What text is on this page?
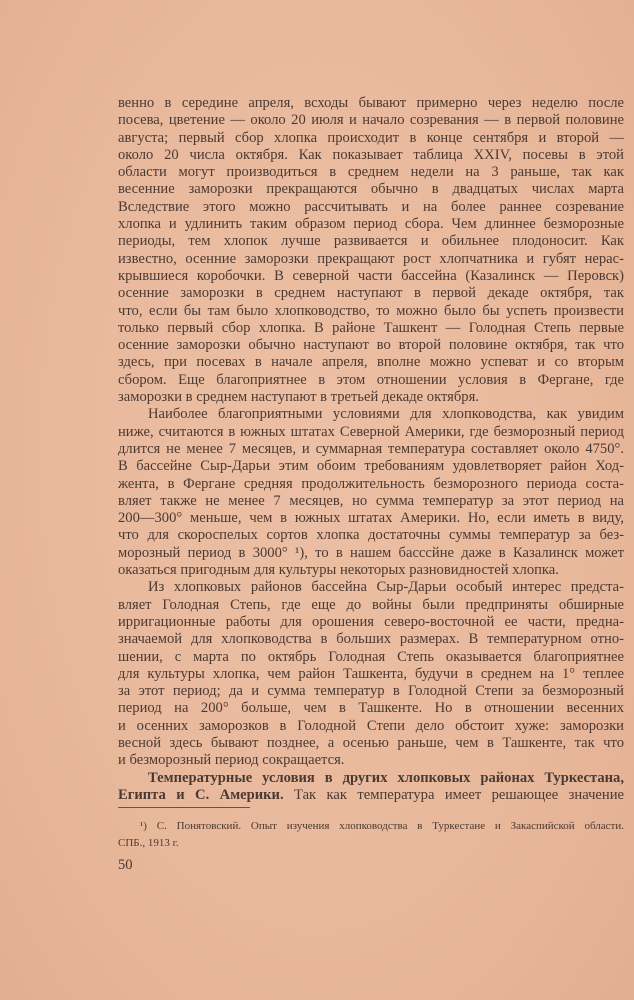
венно в середине апреля, всходы бывают примерно через неделю после
посева, цветение — около 20 июля и начало созревания — в первой половине
августа; первый сбор хлопка происходит в конце сентября и второй —
около 20 числа октября. Как показывает таблица XXIV, посевы в этой
области могут производиться в среднем недели на 3 раньше, так как
весенние заморозки прекращаются обычно в двадцатых числах марта
Вследствие этого можно рассчитывать и на более раннее созревание
хлопка и удлинить таким образом период сбора. Чем длиннее безморозные
периоды, тем хлопок лучше развивается и обильнее плодоносит. Как
известно, осенние заморозки прекращают рост хлопчатника и губят нерас-
крывшиеся коробочки. В северной части бассейна (Казалинск — Перовск)
осенние заморозки в среднем наступают в первой декаде октября, так
что, если бы там было хлопководство, то можно было бы успеть произвести
только первый сбор хлопка. В районе Ташкент — Голодная Степь первые
осенние заморозки обычно наступают во второй половине октября, так что
здесь, при посевах в начале апреля, вполне можно успеват и со вторым
сбором. Еще благоприятнее в этом отношении условия в Фергане, где
заморозки в среднем наступают в третьей декаде октября.
Наиболее благоприятными условиями для хлопководства, как увидим
ниже, считаются в южных штатах Северной Америки, где безморозный период
длится не менее 7 месяцев, и суммарная температура составляет около 4750°.
В бассейне Сыр-Дарьи этим обоим требованиям удовлетворяет район Ход-
жента, в Фергане средняя продолжительность безморозного периода соста-
вляет также не менее 7 месяцев, но сумма температур за этот период на
200—300° меньше, чем в южных штатах Америки. Но, если иметь в виду,
что для скороспелых сортов хлопка достаточны суммы температур за без-
морозный период в 3000° ¹), то в нашем басссйне даже в Казалинск может
оказаться пригодным для культуры некоторых разновидностей хлопка.
Из хлопковых районов бассейна Сыр-Дарьи особый интерес предста-
вляет Голодная Степь, где еще до войны были предприняты обширные
ирригационные работы для орошения северо-восточной ее части, предна-
значаемой для хлопководства в больших размерах. В температурном отно-
шении, с марта по октябрь Голодная Степь оказывается благоприятнее
для культуры хлопка, чем район Ташкента, будучи в среднем на 1° теплее
за этот период; да и сумма температур в Голодной Степи за безморозный
период на 200° больше, чем в Ташкенте. Но в отношении весенних
и осенних заморозков в Голодной Степи дело обстоит хуже: заморозки
весной здесь бывают позднее, а осенью раньше, чем в Ташкенте, так что
и безморозный период сокращается.
Температурные условия в других хлопковых районах Туркестана,
Египта и С. Америки. Так как температура имеет решающее значение
¹) С. Понятовский. Опыт изучения хлопководства в Туркестане и Закаспийской области.
СПБ., 1913 г.
50
